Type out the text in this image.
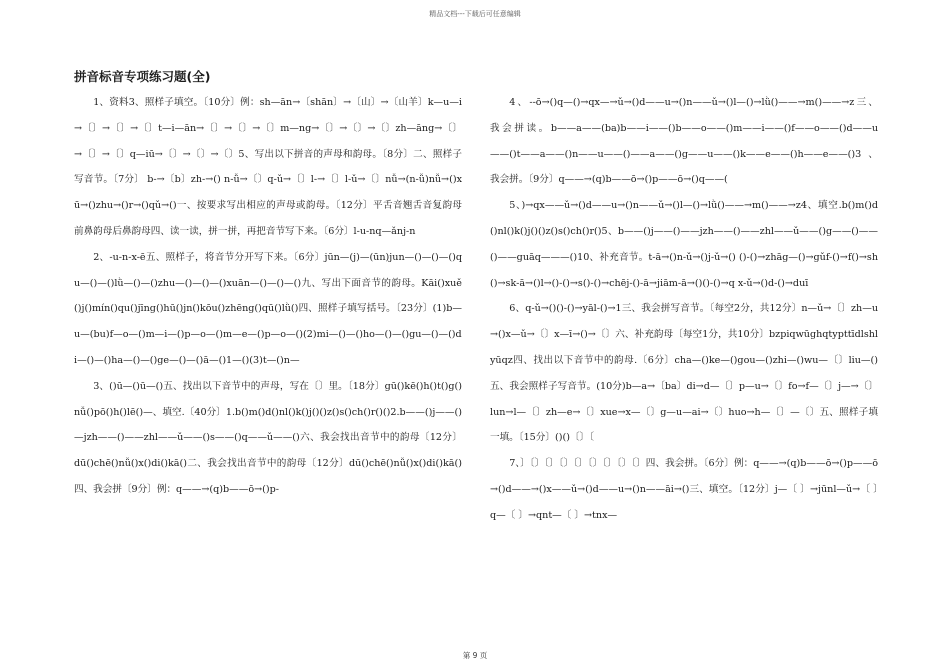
精品文档---下载后可任意编辑
拼音标音专项练习题(全)

1、资料3、照样子填空。〔10分〕例：sh—ān→〔shān〕→〔山〕→〔山羊〕k—u—i→〔〕→〔〕→〔〕t—i—ān→〔〕→〔〕→〔〕m—ng→〔〕→〔〕→〔〕zh—āng→〔〕→〔〕→〔〕q—iū→〔〕→〔〕→〔〕5、写出以下拼音的声母和韵母。〔8分〕二、照样子写音节。〔7分〕 b-→〔b〕zh-→() n-ǚ→〔〕q-ǔ→〔〕l-→〔〕l-ǔ→〔〕nǚ→(n-ǚ)nǚ→()xū→()zhu→()r→()qǔ→()一、按要求写出相应的声母或韵母。〔12分〕平舌音翘舌音复韵母前鼻韵母后鼻韵母四、读一读，拼一拼，再把音节写下来。〔6分〕l-u-nq—ǎnj-n

2、-u-n-x-ē五、照样子，将音节分开写下来。〔6分〕jūn—(j)—(ūn)jun—()—()—()qu—()—()lǜ—()—()zhu—()—()—()xuān—()—()—()九、写出下面音节的韵母。Kāi()xuě()j()mín()qu()jīng()hū()jn()kōu()zhēng()qū()lǜ()四、照样子填写括号。〔23分〕(1)b—u—(bu)f—o—()m—i—()p—o—()m—e—()p—o—()(2)mi—()—()ho—()—()gu—()—()di—()—()ha—()—()ge—()—()ā—()1—()(3)t—()n—

3、()ū—()ū—()五、找出以下音节中的声母，写在〔〕里。〔18分〕gū()kē()h()t()g()nǚ()pō()h()lē()—、填空.〔40分〕1.b()m()d()nl()k()j()()z()s()ch()r()()2.b——()j——()—jzh——()——zhl——ǔ——()s——()q——ǔ——()六、我会找出音节中的韵母〔12分〕dū()chē()nǚ()x()di()kā()二、我会找出音节中的韵母〔12分〕dū()chē()nǚ()x()di()kā()四、我会拼〔9分〕例：q——→(q)b——ō→()p-

4、--ō→()q—()→qx—→ǔ→()d——u→()n——ǔ→()l—()→lǜ()——→m()——→z三、我会拼读。b——a——(ba)b——i——()b——o——()m——i——()f——o——()d——u——()t——a——()n——u——()——a——()g——u——()k——e——()h——e——()3、我会拼。〔9分〕q——→(q)b——ō→()p——ō→()q——(

5、)→qx——ǔ→()d——u→()n——ǔ→()l—()→lǜ()——→m()——→z4、填空.b()m()d()nl()k()j()()z()s()ch()r()5、b——()j——()——jzh——()——zhl——ǔ——()g——()——()——guāq———()10、补充音节。t-ā→()n-ǔ→()j-ǔ→() ()-()→zhāg—()→gǔf-()→f()→sh()→sk-ā→()l→()-()→s()-()→chēj-()-ā→jiām-ā→()()-()→q x-ǔ→()d-()→duī

6、q-ǔ→()()-()→yāl-()→1三、我会拼写音节。〔每空2分，共12分〕n—ǔ→〔〕zh—u→()x—ǔ→〔〕x—ī→()→〔〕六、补充韵母〔每空1分，共10分〕bzpiqwūghqtypttīdlshlyūqz四、找出以下音节中的韵母.〔6分〕cha—()ke—()gou—()zhi—()wu—〔〕liu—()五、我会照样子写音节。(10分)b—a→〔ba〕di→d—〔〕p—u→〔〕fo→f—〔〕j—→〔〕lun→l—〔〕zh—e→〔〕xue→x—〔〕g—u—ai→〔〕huo→h—〔〕—〔〕五、照样子填一填。〔15分〕()()〔〕〔

7、〕〔〕〔〕〔〕〔〕〔〕〔〕〔〕〔〕四、我会拼。〔6分〕例：q——→(q)b——ō→()p——ō→()d——→()x——ǔ→()d——u→()n——āi→()三、填空。〔12分〕j—〔 〕→jūnl—ǔ→〔 〕q—〔 〕→qnt—〔 〕→tnx—

第 9 页
